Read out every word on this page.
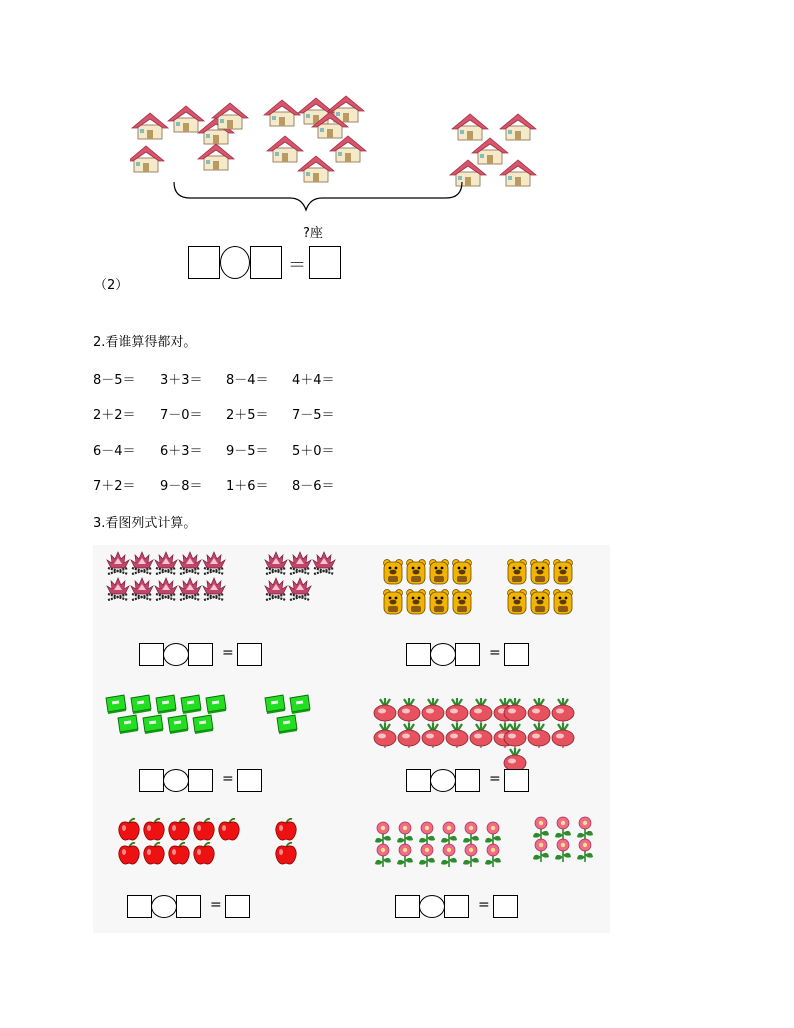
?座
（2）
＝
2.看谁算得都对。
8－5＝ 3＋3＝ 8－4＝ 4＋4＝
2＋2＝ 7－0＝ 2＋5＝ 7－5＝
6－4＝ 6＋3＝ 9－5＝ 5＋0＝
7＋2＝ 9－8＝ 1＋6＝ 8－6＝
3.看图列式计算。
=	=
=	=
=	=
